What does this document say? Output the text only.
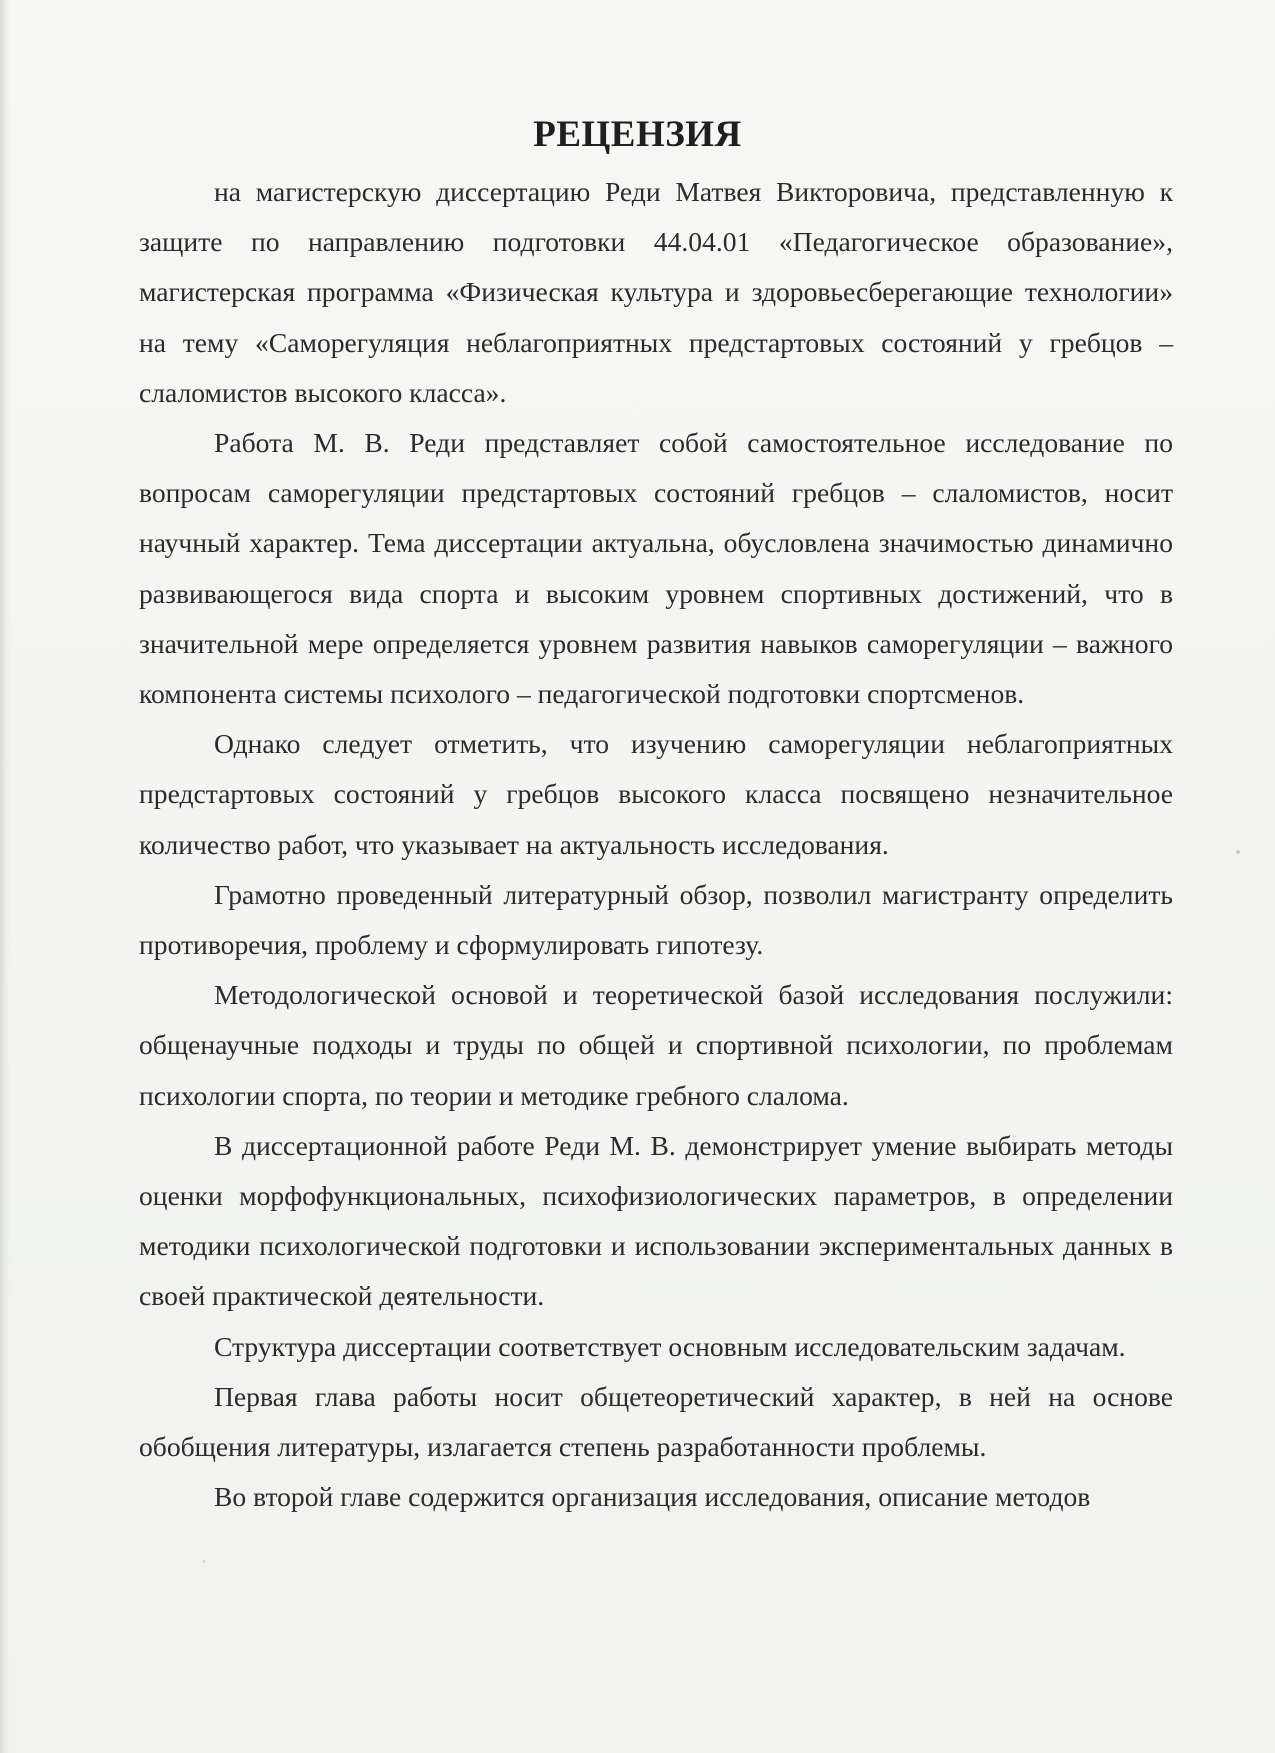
РЕЦЕНЗИЯ

на магистерскую диссертацию Реди Матвея Викторовича, представленную к защите по направлению подготовки 44.04.01 «Педагогическое образование», магистерская программа «Физическая культура и здоровьесберегающие технологии» на тему «Саморегуляция неблагоприятных предстартовых состояний у гребцов – слаломистов высокого класса».

Работа М. В. Реди представляет собой самостоятельное исследование по вопросам саморегуляции предстартовых состояний гребцов – слаломистов, носит научный характер. Тема диссертации актуальна, обусловлена значимостью динамично развивающегося вида спорта и высоким уровнем спортивных достижений, что в значительной мере определяется уровнем развития навыков саморегуляции – важного компонента системы психолого – педагогической подготовки спортсменов.

Однако следует отметить, что изучению саморегуляции неблагоприятных предстартовых состояний у гребцов высокого класса посвящено незначительное количество работ, что указывает на актуальность исследования.

Грамотно проведенный литературный обзор, позволил магистранту определить противоречия, проблему и сформулировать гипотезу.

Методологической основой и теоретической базой исследования послужили: общенаучные подходы и труды по общей и спортивной психологии, по проблемам психологии спорта, по теории и методике гребного слалома.

В диссертационной работе Реди М. В. демонстрирует умение выбирать методы оценки морфофункциональных, психофизиологических параметров, в определении методики психологической подготовки и использовании экспериментальных данных в своей практической деятельности.

Структура диссертации соответствует основным исследовательским задачам.

Первая глава работы носит общетеоретический характер, в ней на основе обобщения литературы, излагается степень разработанности проблемы.

Во второй главе содержится организация исследования, описание методов
